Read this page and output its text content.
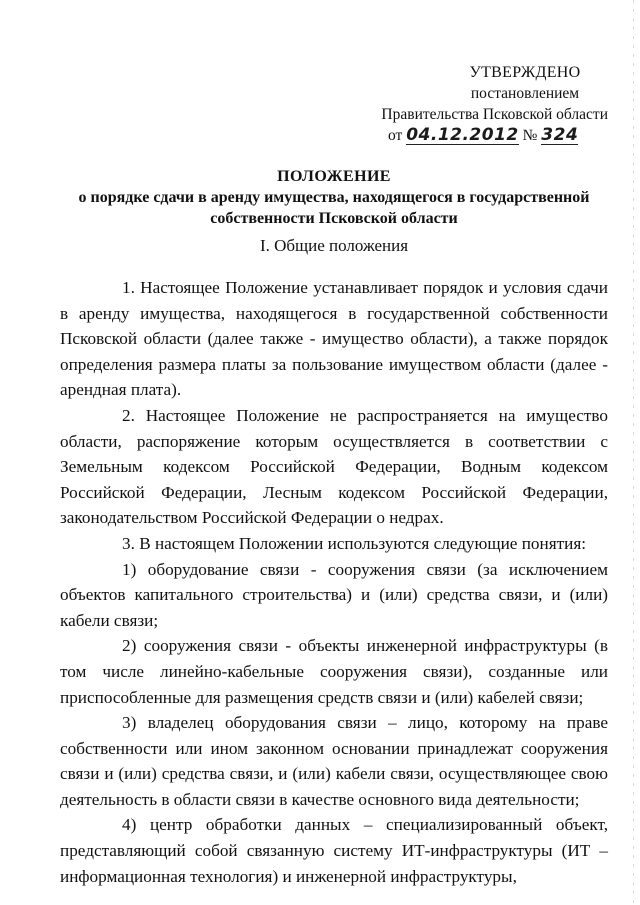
УТВЕРЖДЕНО
постановлением
Правительства Псковской области
от 04.12.2012 № 324
ПОЛОЖЕНИЕ
о порядке сдачи в аренду имущества, находящегося в государственной собственности Псковской области
I. Общие положения

1. Настоящее Положение устанавливает порядок и условия сдачи в аренду имущества, находящегося в государственной собственности Псковской области (далее также - имущество области), а также порядок определения размера платы за пользование имуществом области (далее - арендная плата).

2. Настоящее Положение не распространяется на имущество области, распоряжение которым осуществляется в соответствии с Земельным кодексом Российской Федерации, Водным кодексом Российской Федерации, Лесным кодексом Российской Федерации, законодательством Российской Федерации о недрах.

3. В настоящем Положении используются следующие понятия:

1) оборудование связи - сооружения связи (за исключением объектов капитального строительства) и (или) средства связи, и (или) кабели связи;

2) сооружения связи - объекты инженерной инфраструктуры (в том числе линейно-кабельные сооружения связи), созданные или приспособленные для размещения средств связи и (или) кабелей связи;

3) владелец оборудования связи – лицо, которому на праве собственности или ином законном основании принадлежат сооружения связи и (или) средства связи, и (или) кабели связи, осуществляющее свою деятельность в области связи в качестве основного вида деятельности;

4) центр обработки данных – специализированный объект, представляющий собой связанную систему ИТ-инфраструктуры (ИТ – информационная технология) и инженерной инфраструктуры,
